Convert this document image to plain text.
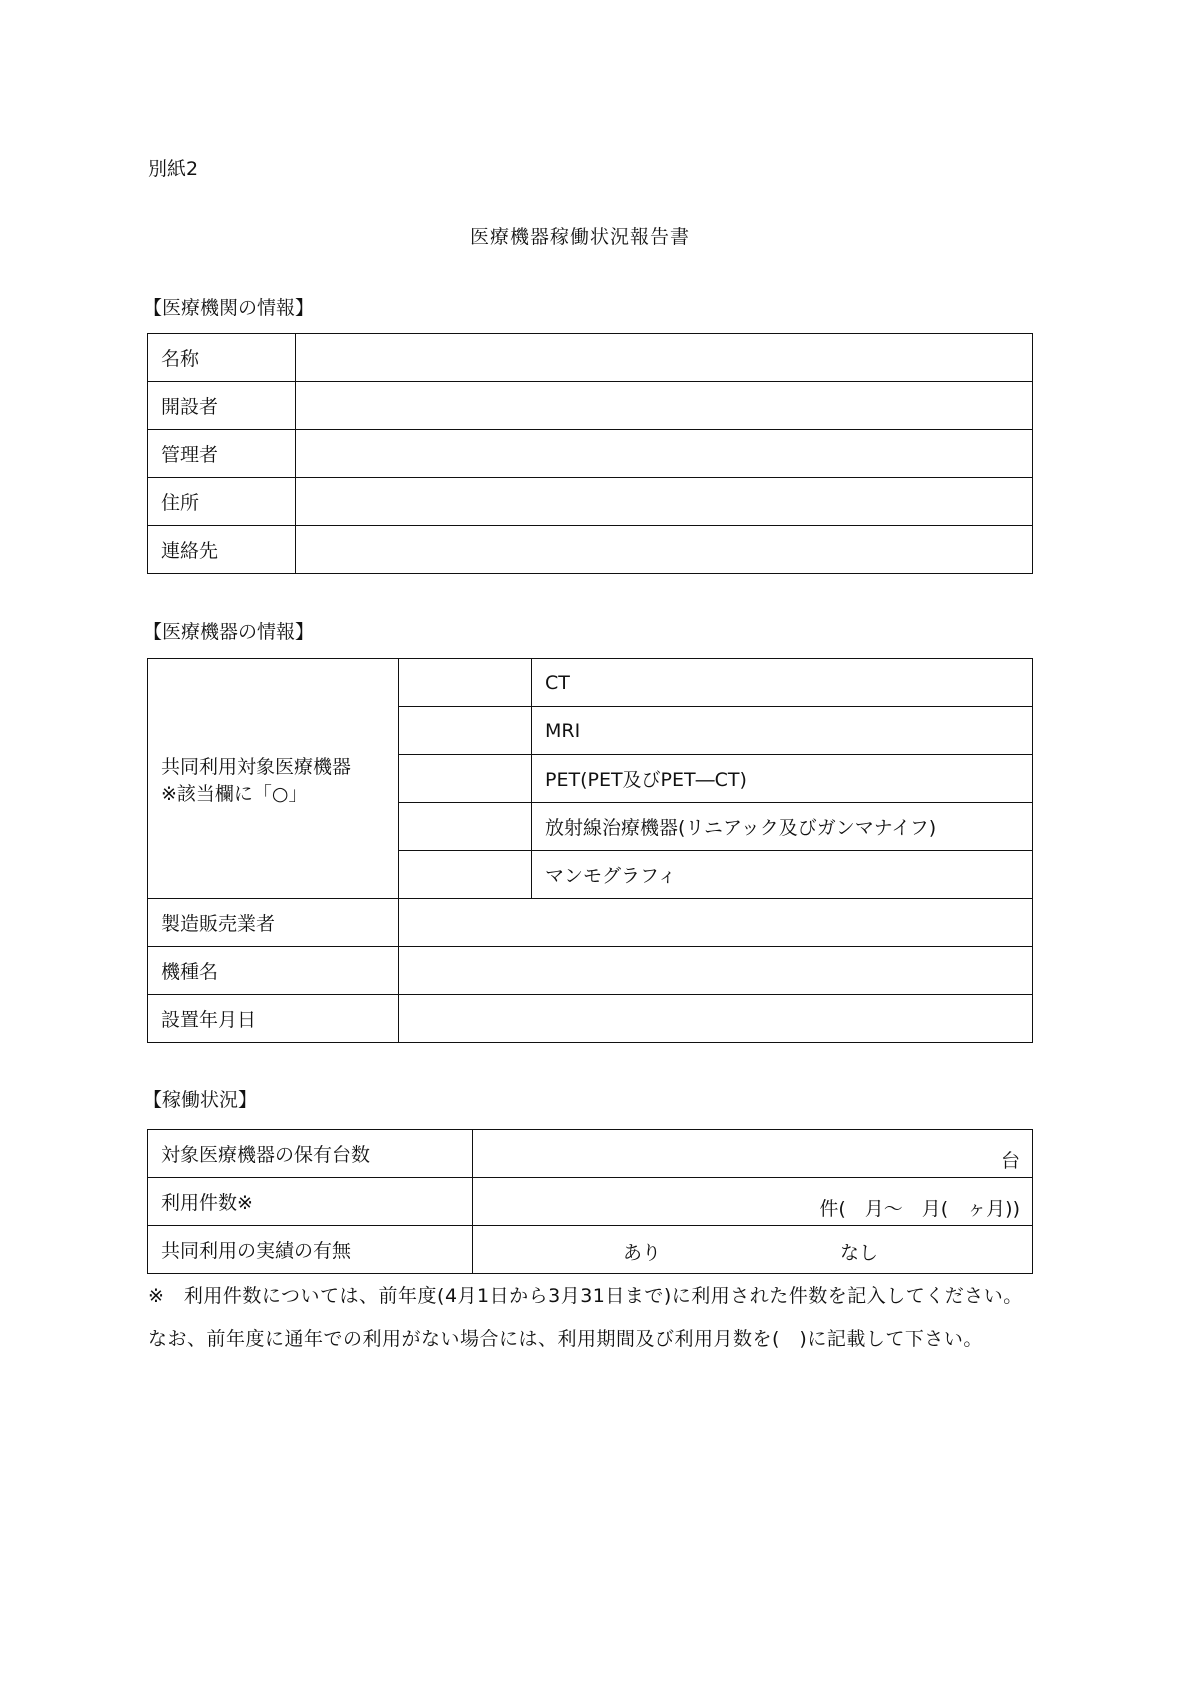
別紙2
医療機器稼働状況報告書
【医療機関の情報】
名称	
開設者	
管理者	
住所	
連絡先	
【医療機器の情報】
共同利用対象医療機器
※該当欄に「○」		CT
		MRI
		PET(PET及びPET―CT)
		放射線治療機器(リニアック及びガンマナイフ)
		マンモグラフィ
製造販売業者		
機種名		
設置年月日		
【稼働状況】
対象医療機器の保有台数	台
利用件数※	件(　月～　月(　ヶ月))
共同利用の実績の有無	あり なし
※　利用件数については、前年度(4月1日から3月31日まで)に利用された件数を記入してください。なお、前年度に通年での利用がない場合には、利用期間及び利用月数を(　)に記載して下さい。
